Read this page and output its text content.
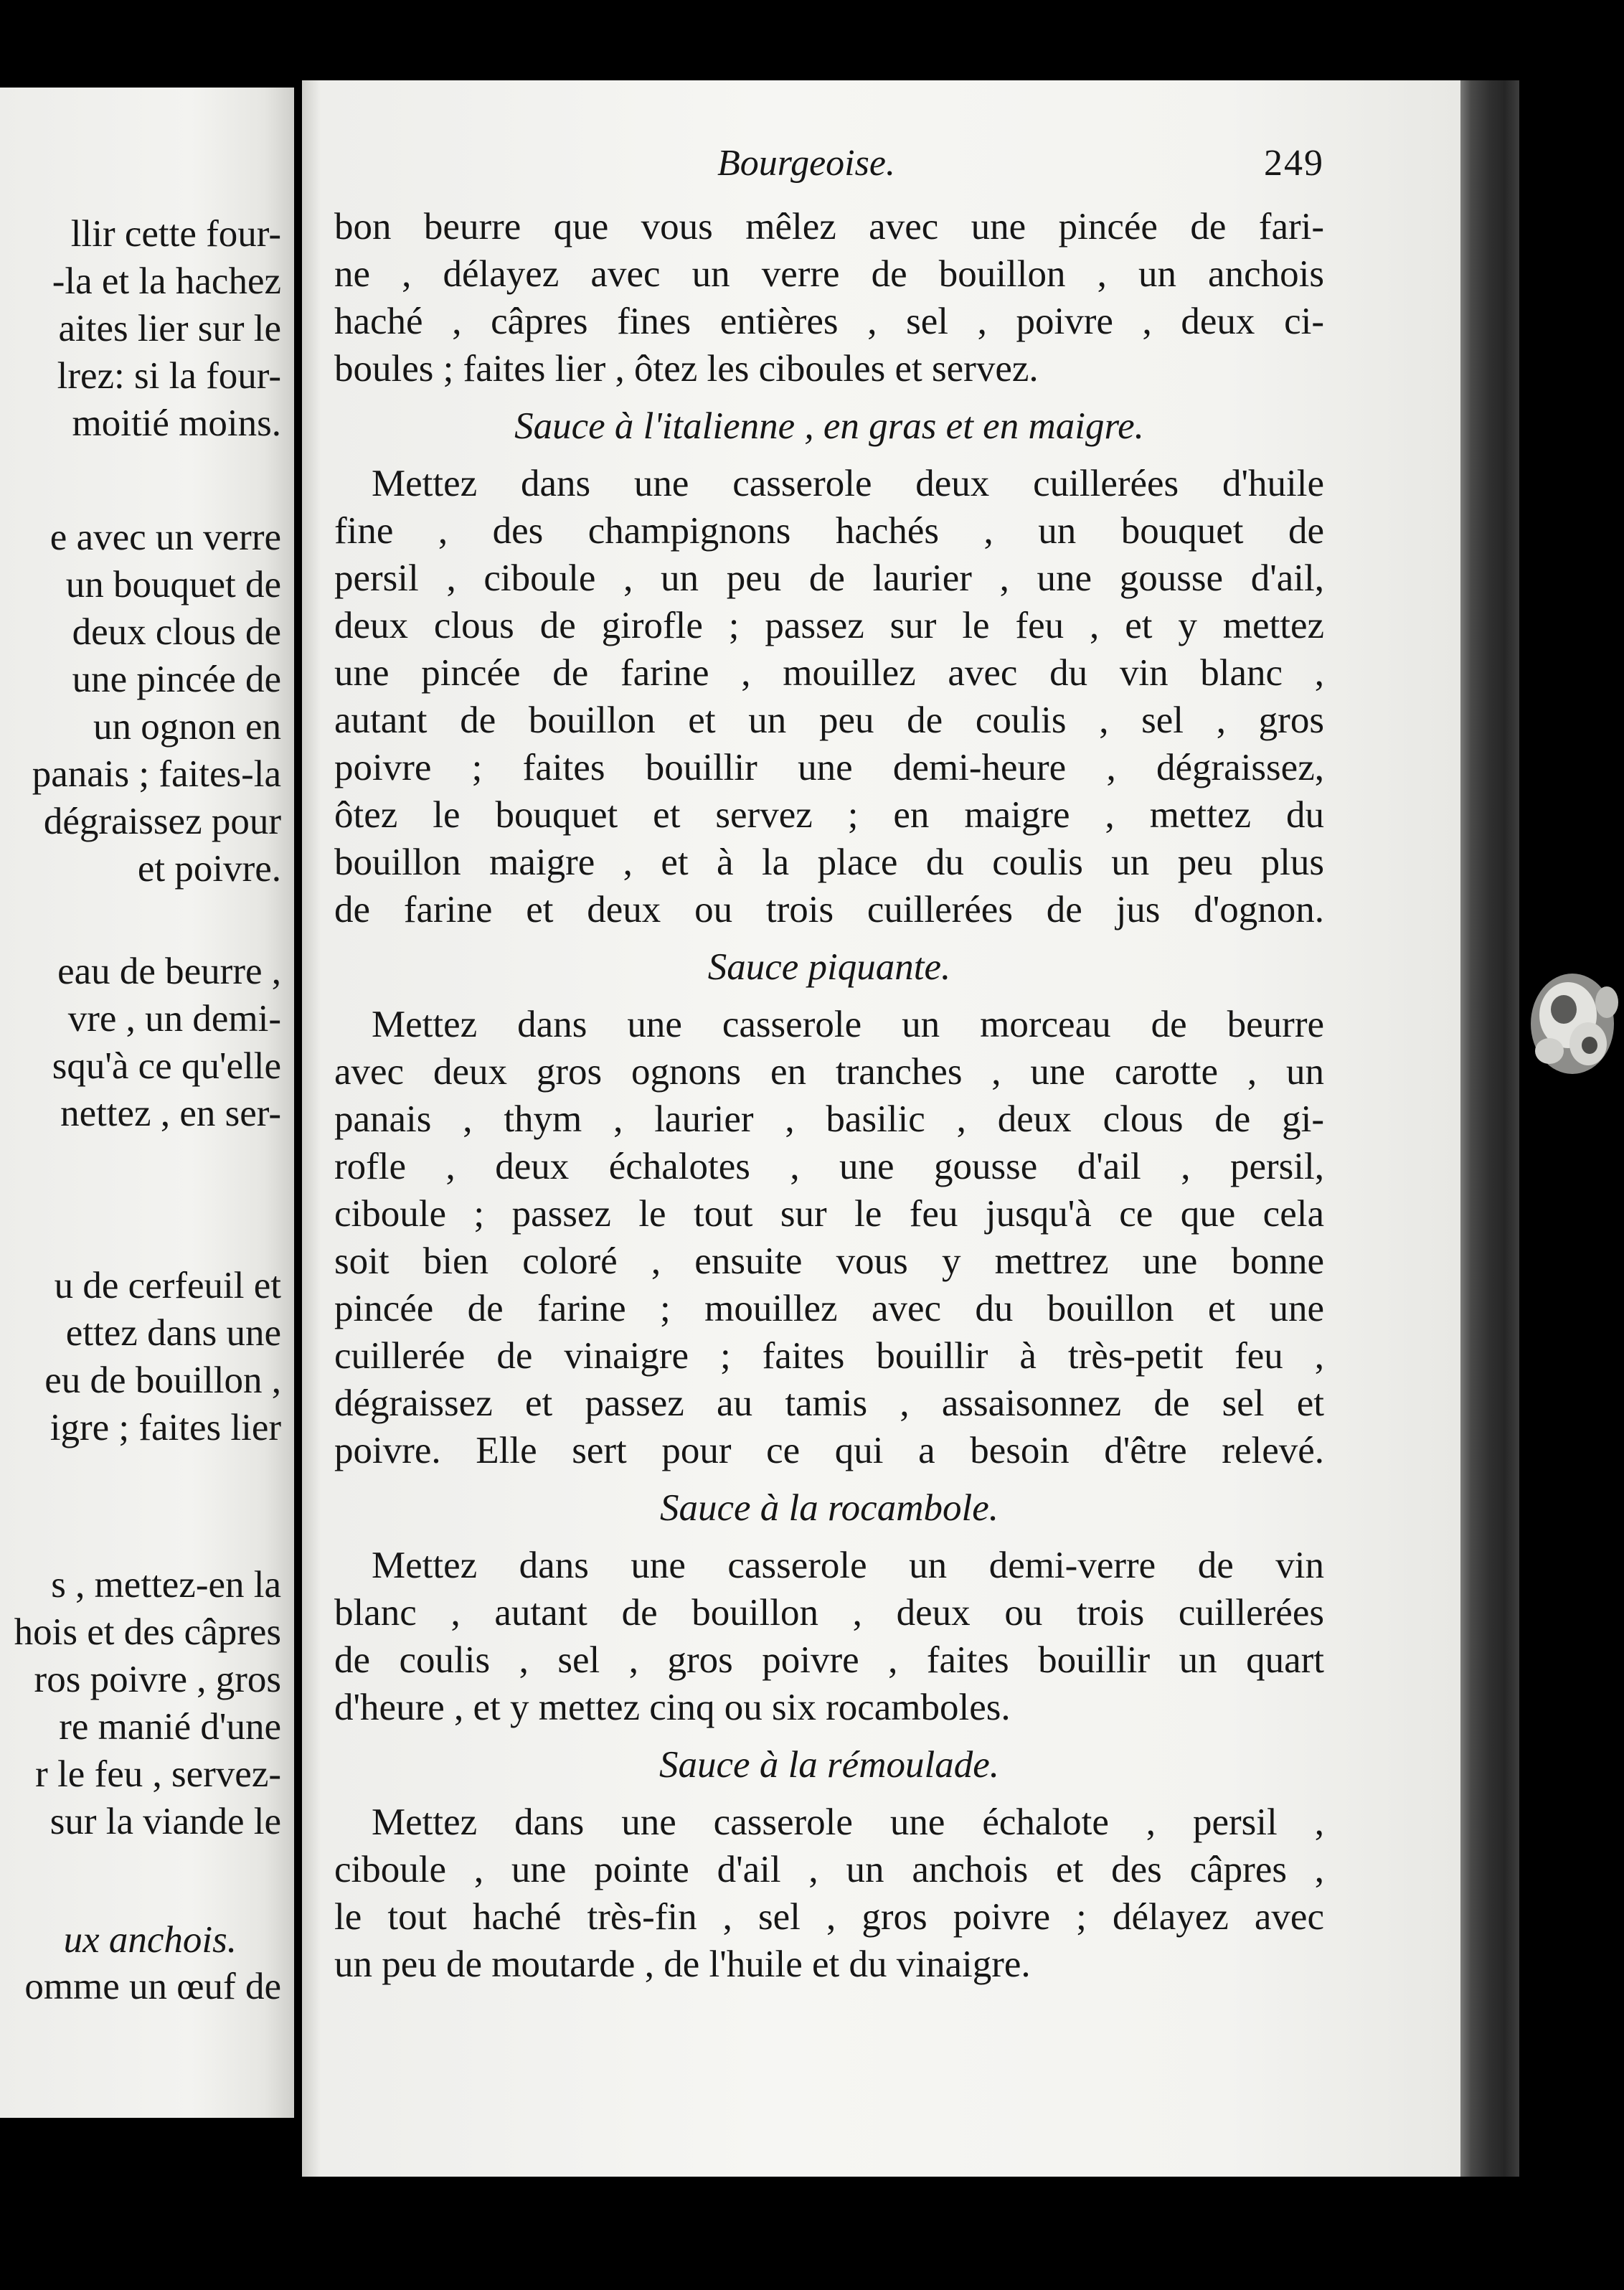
llir cette four-
-la et la hachez
aites lier sur le
lrez: si la four-
moitié moins.
e avec un verre
un bouquet de
deux clous de
une pincée de
un ognon en
panais ; faites-la
dégraissez pour
et poivre.
eau de beurre ,
vre , un demi-
squ'à ce qu'elle
nettez , en ser-
u de cerfeuil et
ettez dans une
eu de bouillon ,
igre ; faites lier
s , mettez-en la
hois et des câpres
ros poivre , gros
re manié d'une
r le feu , servez-
sur la viande le
ux anchois.
omme un œuf de
Bourgeoise.	249
bon beurre que vous mêlez avec une pincée de fari-
ne , délayez avec un verre de bouillon , un anchois
haché , câpres fines entières , sel , poivre , deux ci-
boules ; faites lier , ôtez les ciboules et servez.
Sauce à l'italienne , en gras et en maigre.
Mettez dans une casserole deux cuillerées d'huile
fine , des champignons hachés , un bouquet de
persil , ciboule , un peu de laurier , une gousse d'ail,
deux clous de girofle ; passez sur le feu , et y mettez
une pincée de farine , mouillez avec du vin blanc ,
autant de bouillon et un peu de coulis , sel , gros
poivre ; faites bouillir une demi-heure , dégraissez,
ôtez le bouquet et servez ; en maigre , mettez du
bouillon maigre , et à la place du coulis un peu plus
de farine et deux ou trois cuillerées de jus d'ognon.
Sauce piquante.
Mettez dans une casserole un morceau de beurre
avec deux gros ognons en tranches , une carotte , un
panais , thym , laurier , basilic , deux clous de gi-
rofle , deux échalotes , une gousse d'ail , persil,
ciboule ; passez le tout sur le feu jusqu'à ce que cela
soit bien coloré , ensuite vous y mettrez une bonne
pincée de farine ; mouillez avec du bouillon et une
cuillerée de vinaigre ; faites bouillir à très-petit feu ,
dégraissez et passez au tamis , assaisonnez de sel et
poivre. Elle sert pour ce qui a besoin d'être relevé.
Sauce à la rocambole.
Mettez dans une casserole un demi-verre de vin
blanc , autant de bouillon , deux ou trois cuillerées
de coulis , sel , gros poivre , faites bouillir un quart
d'heure , et y mettez cinq ou six rocamboles.
Sauce à la rémoulade.
Mettez dans une casserole une échalote , persil ,
ciboule , une pointe d'ail , un anchois et des câpres ,
le tout haché très-fin , sel , gros poivre ; délayez avec
un peu de moutarde , de l'huile et du vinaigre.
